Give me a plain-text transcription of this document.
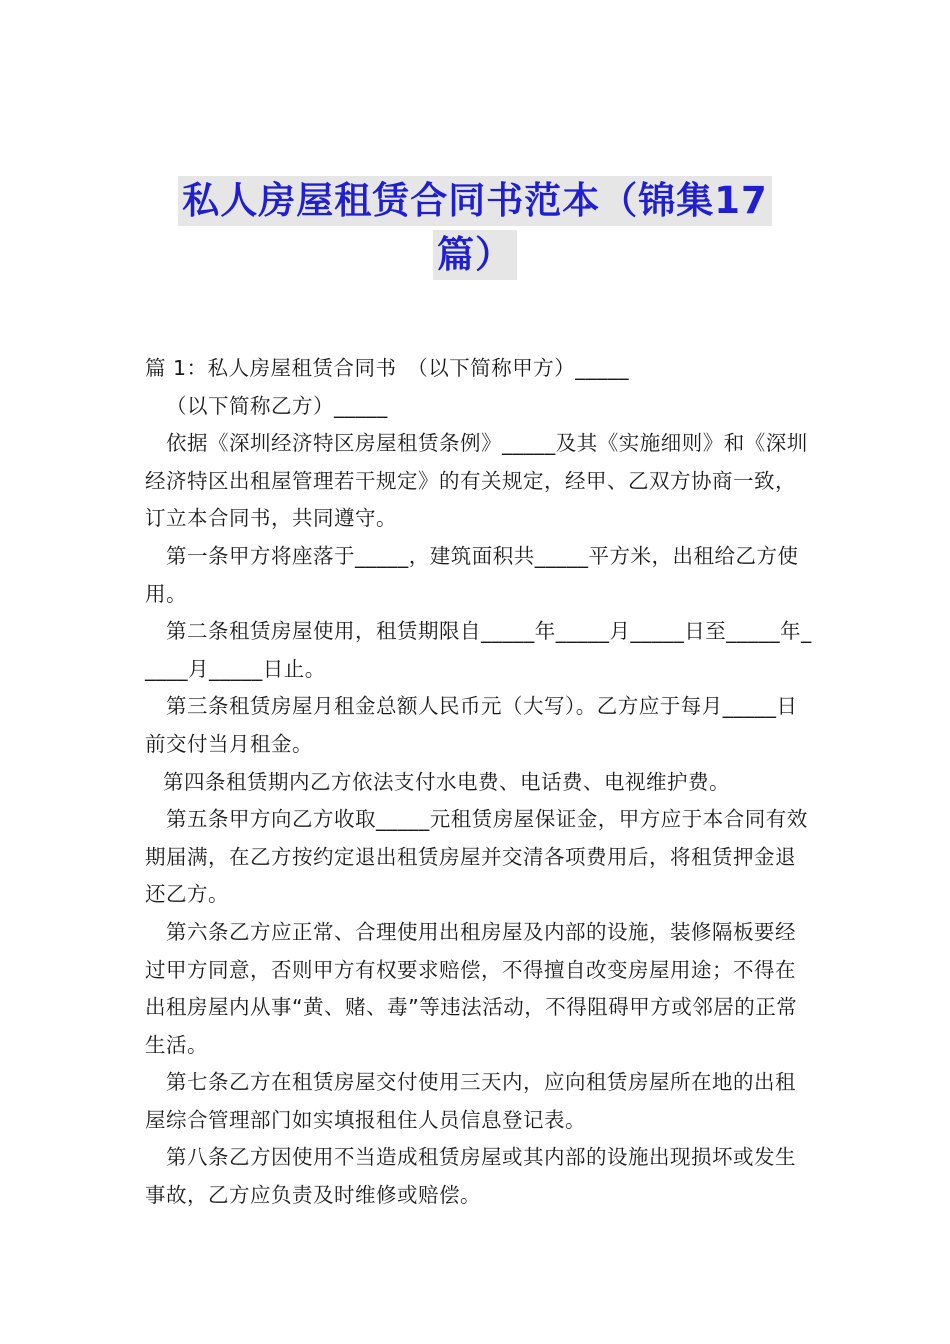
私人房屋租赁合同书范本（锦集17
篇）

篇 1：私人房屋租赁合同书　（以下简称甲方）_____

（以下简称乙方）_____

依据《深圳经济特区房屋租赁条例》_____及其《实施细则》和《深圳经济特区出租屋管理若干规定》的有关规定，经甲、乙双方协商一致，订立本合同书，共同遵守。

第一条甲方将座落于_____，建筑面积共_____平方米，出租给乙方使用。

第二条租赁房屋使用，租赁期限自_____年_____月_____日至_____年_____月_____日止。

第三条租赁房屋月租金总额人民币元（大写）。乙方应于每月_____日前交付当月租金。

第四条租赁期内乙方依法支付水电费、电话费、电视维护费。

第五条甲方向乙方收取_____元租赁房屋保证金，甲方应于本合同有效期届满，在乙方按约定退出租赁房屋并交清各项费用后，将租赁押金退还乙方。

第六条乙方应正常、合理使用出租房屋及内部的设施，装修隔板要经过甲方同意，否则甲方有权要求赔偿，不得擅自改变房屋用途；不得在出租房屋内从事“黄、赌、毒”等违法活动，不得阻碍甲方或邻居的正常生活。

第七条乙方在租赁房屋交付使用三天内，应向租赁房屋所在地的出租屋综合管理部门如实填报租住人员信息登记表。

第八条乙方因使用不当造成租赁房屋或其内部的设施出现损坏或发生事故，乙方应负责及时维修或赔偿。
